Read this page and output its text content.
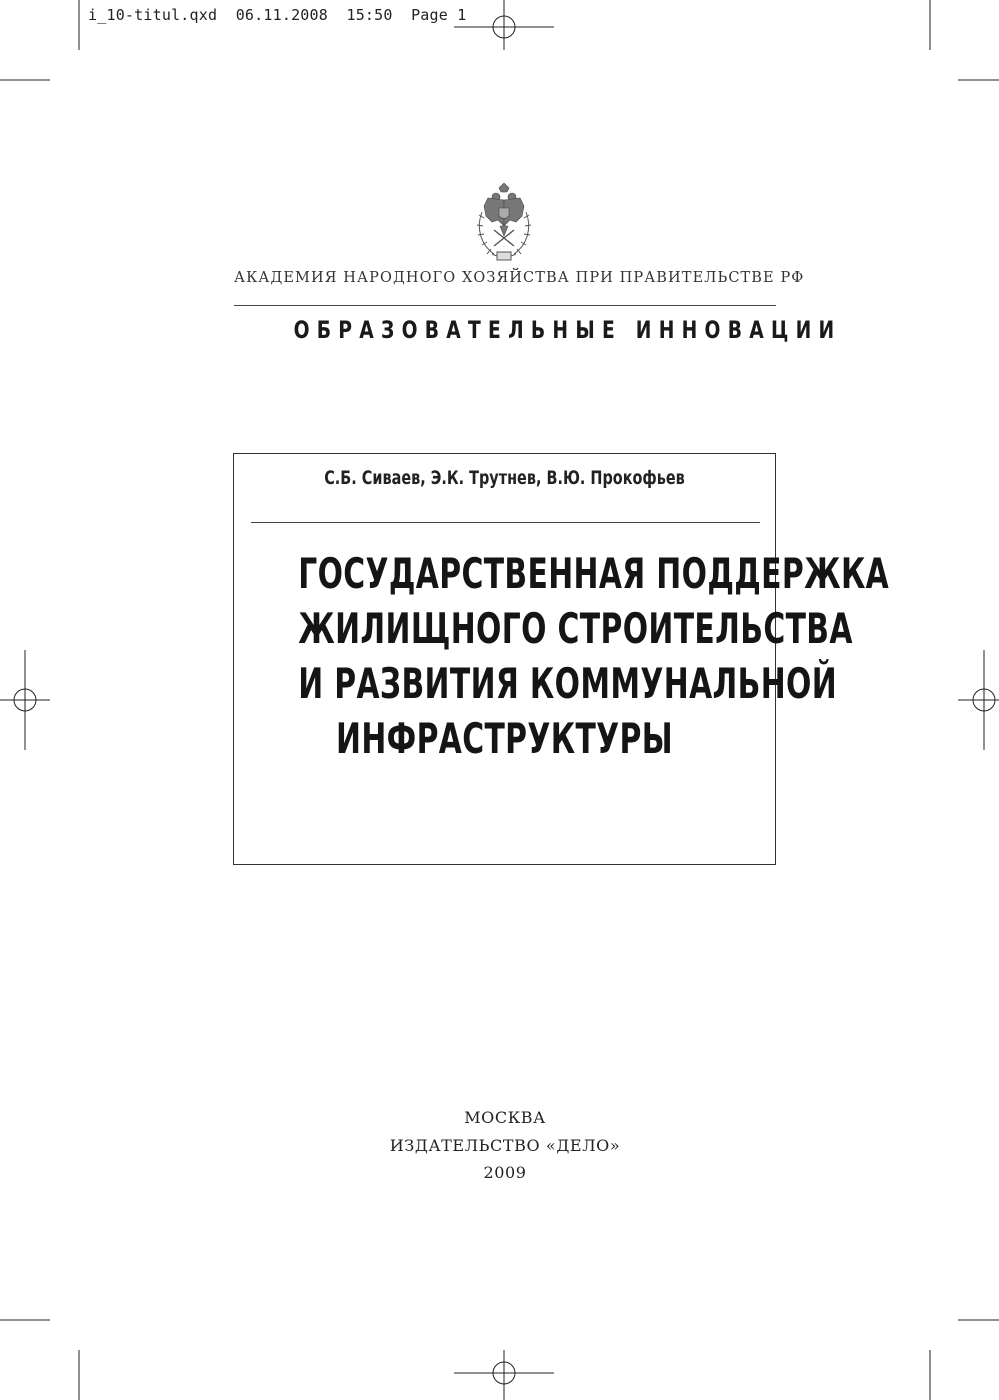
i_10-titul.qxd  06.11.2008  15:50  Page 1
АКАДЕМИЯ НАРОДНОГО ХОЗЯЙСТВА ПРИ ПРАВИТЕЛЬСТВЕ РФ
ОБРАЗОВАТЕЛЬНЫЕ ИННОВАЦИИ
С.Б. Сиваев, Э.К. Трутнев, В.Ю. Прокофьев
ГОСУДАРСТВЕННАЯ ПОДДЕРЖКА
ЖИЛИЩНОГО СТРОИТЕЛЬСТВА
И РАЗВИТИЯ КОММУНАЛЬНОЙ
ИНФРАСТРУКТУРЫ
МОСКВА
ИЗДАТЕЛЬСТВО «ДЕЛО»
2009
